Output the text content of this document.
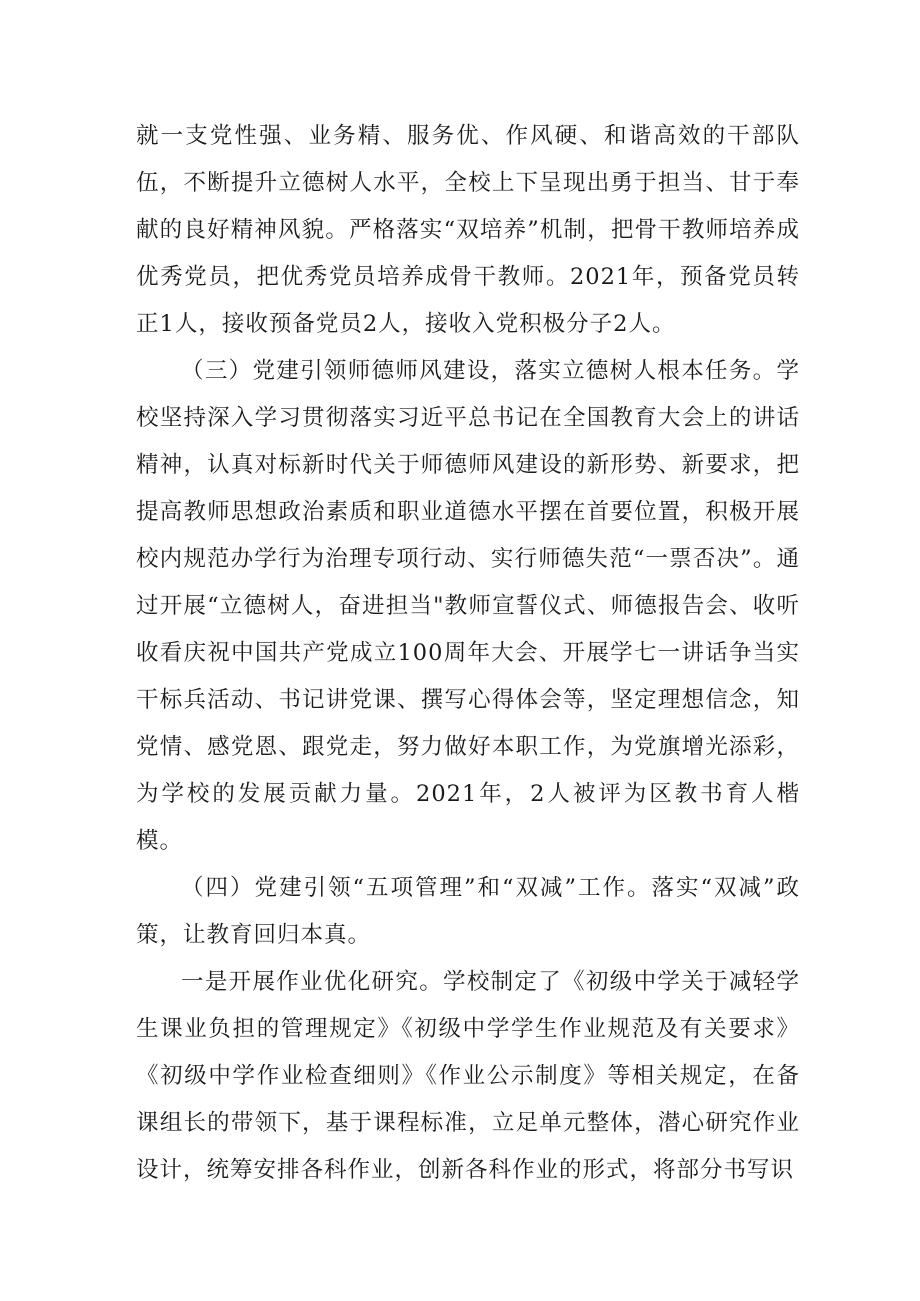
就一支党性强、业务精、服务优、作风硬、和谐高效的干部队伍，不断提升立德树人水平，全校上下呈现出勇于担当、甘于奉献的良好精神风貌。严格落实“双培养”机制，把骨干教师培养成优秀党员，把优秀党员培养成骨干教师。2021年，预备党员转正1人，接收预备党员2人，接收入党积极分子2人。

（三）党建引领师德师风建设，落实立德树人根本任务。学校坚持深入学习贯彻落实习近平总书记在全国教育大会上的讲话精神，认真对标新时代关于师德师风建设的新形势、新要求，把提高教师思想政治素质和职业道德水平摆在首要位置，积极开展校内规范办学行为治理专项行动、实行师德失范“一票否决”。通过开展“立德树人，奋进担当"教师宣誓仪式、师德报告会、收听收看庆祝中国共产党成立100周年大会、开展学七一讲话争当实干标兵活动、书记讲党课、撰写心得体会等，坚定理想信念，知党情、感党恩、跟党走，努力做好本职工作，为党旗增光添彩，为学校的发展贡献力量。2021年，2人被评为区教书育人楷模。

（四）党建引领“五项管理”和“双减”工作。落实“双减”政策，让教育回归本真。

一是开展作业优化研究。学校制定了《初级中学关于减轻学生课业负担的管理规定》《初级中学学生作业规范及有关要求》《初级中学作业检查细则》《作业公示制度》等相关规定，在备课组长的带领下，基于课程标准，立足单元整体，潜心研究作业设计，统筹安排各科作业，创新各科作业的形式，将部分书写识
